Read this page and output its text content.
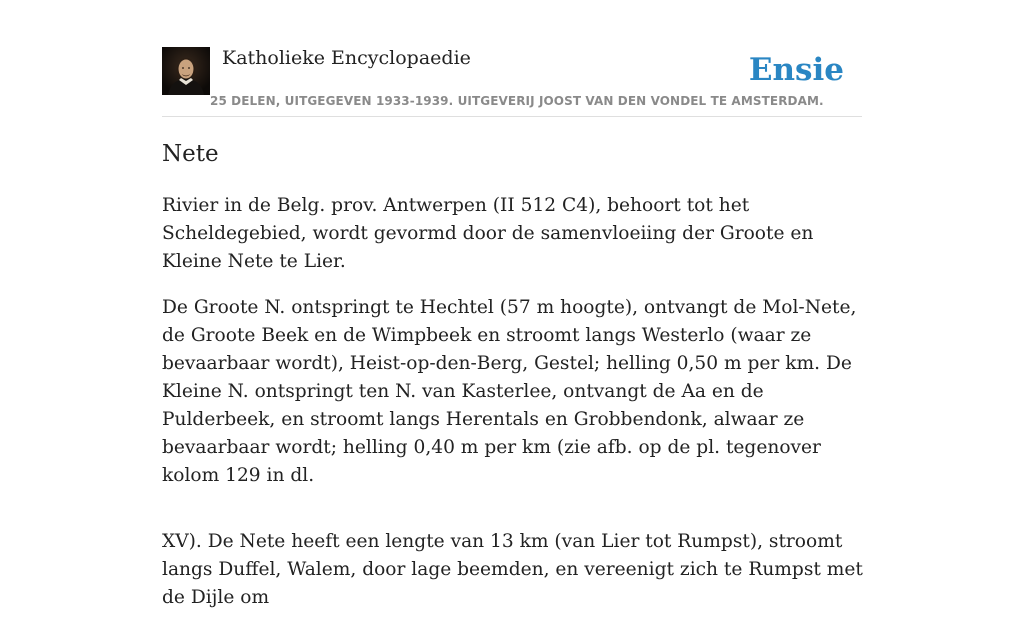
Katholieke Encyclopaedie
25 DELEN, UITGEGEVEN 1933-1939. UITGEVERIJ JOOST VAN DEN VONDEL TE AMSTERDAM.
Ensie
Nete

Rivier in de Belg. prov. Antwerpen (II 512 C4), behoort tot het Scheldegebied, wordt gevormd door de samenvloeiing der Groote en Kleine Nete te Lier.

De Groote N. ontspringt te Hechtel (57 m hoogte), ontvangt de Mol-Nete, de Groote Beek en de Wimpbeek en stroomt langs Westerlo (waar ze bevaarbaar wordt), Heist-op-den-Berg, Gestel; helling 0,50 m per km. De Kleine N. ontspringt ten N. van Kasterlee, ontvangt de Aa en de Pulderbeek, en stroomt langs Herentals en Grobbendonk, alwaar ze bevaarbaar wordt; helling 0,40 m per km (zie afb. op de pl. tegenover kolom 129 in dl.

XV). De Nete heeft een lengte van 13 km (van Lier tot Rumpst), stroomt langs Duffel, Walem, door lage beemden, en vereenigt zich te Rumpst met de Dijle om
